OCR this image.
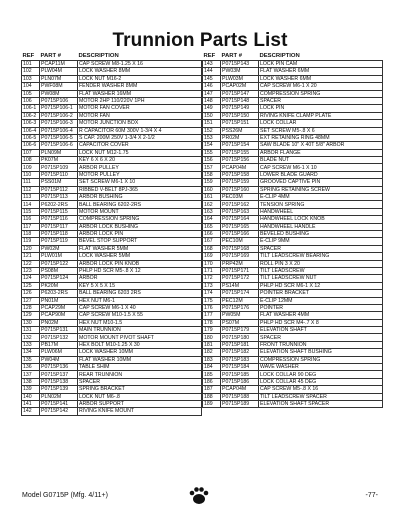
Trunnion Parts List
REF	PART #	DESCRIPTION
101	PCAP11M	CAP SCREW M8-1.25 X 16
102	PLW04M	LOCK WASHER 8MM
103	PLN07M	LOCK NUT M16-2
104	PWF08M	FENDER WASHER 8MM
105	PW08M	FLAT WASHER 16MM
106	P0715P106	MOTOR 2HP 110/220V 1PH
106-1	P0715P106-1	MOTOR FAN COVER
106-2	P0715P106-2	MOTOR FAN
106-3	P0715P106-3	MOTOR JUNCTION BOX
106-4	P0715P106-4	R CAPACITOR 60M 300V 1-3/4 X 4
106-5	P0715P106-5	S CAP. 200M 250V 1-3/4 X 2-1/2
106-6	P0715P106-6	CAPACITOR COVER
107	PLN09M	LOCK NUT M12-1.75
108	PK07M	KEY 6 X 6 X 20
109	P0715P109	ARBOR PULLEY
110	P0715P110	MOTOR PULLEY
111	PSS01M	SET SCREW M6-1 X 10
112	P0715P112	RIBBED V-BELT 8PJ-365
113	P0715P113	ARBOR BUSHING
114	P6202-2RS	BALL BEARING 6202-2RS
115	P0715P115	MOTOR MOUNT
116	P0715P116	COMPRESSION SPRING
117	P0715P117	ARBOR LOCK BUSHING
118	P0715P118	ARBOR LOCK PIN
119	P0715P119	BEVEL STOP SUPPORT
120	PW02M	FLAT WASHER 5MM
121	PLW01M	LOCK WASHER 5MM
122	P0715P122	ARBOR LOCK PIN KNOB
123	PS08M	PHLP HD SCR M5-.8 X 12
124	P0715P124	ARBOR
125	PK20M	KEY 5 X 5 X 15
126	P6203-2RS	BALL BEARING 6203 2RS
127	PN01M	HEX NUT M6-1
128	PCAP29M	CAP SCREW M6-1 X 40
129	PCAP90M	CAP SCREW M10-1.5 X 55
130	PN02M	HEX NUT M10-1.5
131	P0715P131	MAIN TRUNNION
132	P0715P132	MOTOR MOUNT PIVOT SHAFT
133	PB17M	HEX BOLT M10-1.25 X 30
134	PLW06M	LOCK WASHER 10MM
135	PW04M	FLAT WASHER 10MM
136	P0715P136	TABLE SHIM
137	P0715P137	REAR TRUNNION
138	P0715P138	SPACER
139	P0715P139	SPRING BRACKET
140	PLN02M	LOCK NUT M6-.8
141	P0715P141	ARBOR SUPPORT
142	P0715P142	RIVING KNIFE MOUNT
REF	PART #	DESCRIPTION
143	P0715P143	LOCK PIN CAM
144	PW03M	FLAT WASHER 6MM
145	PLW03M	LOCK WASHER 6MM
146	PCAP02M	CAP SCREW M6-1 X 20
147	P0715P147	COMPRESSION SPRING
148	P0715P148	SPACER
149	P0715P149	LOCK PIN
150	P0715P150	RIVING KNIFE CLAMP PLATE
151	P0715P151	LOCK COLLAR
152	PSS26M	SET SCREW M5-.8 X 6
153	PR02M	EXT RETAINING RING 48MM
154	P0715P154	SAW BLADE 10" X 40T 5/8" ARBOR
155	P0715P155	ARBOR FLANGE
156	P0715P156	BLADE NUT
157	PCAP04M	CAP SCREW M6-1 X 10
158	P0715P158	LOWER BLADE GUARD
159	P0715P159	GROOVED CAPTIVE PIN
160	P0715P160	SPRING RETAINING SCREW
161	PEC03M	E-CLIP 4MM
162	P0715P162	TENSION SPRING
163	P0715P163	HANDWHEEL
164	P0715P164	HANDWHEEL LOCK KNOB
165	P0715P165	HANDWHEEL HANDLE
166	P0715P166	BEVELED BUSHING
167	PEC10M	E-CLIP 9MM
168	P0715P168	SPACER
169	P0715P169	TILT LEADSCREW BEARING
170	PRP42M	ROLL PIN 3 X 20
171	P0715P171	TILT LEADSCREW
172	P0715P172	TILT LEADSCREW NUT
173	PS14M	PHLP HD SCR M6-1 X 12
174	P0715P174	POINTER BRACKET
175	PEC12M	E-CLIP 12MM
176	P0715P176	POINTER
177	PW05M	FLAT WASHER 4MM
178	PS07M	PHLP HD SCR M4-.7 X 8
179	P0715P179	ELEVATION SHAFT
180	P0715P180	SPACER
181	P0715P181	FRONT TRUNNION
182	P0715P182	ELEVATION SHAFT BUSHING
183	P0715P183	COMPRESSION SPRING
184	P0715P184	WAVE WASHER
185	P0715P185	LOCK COLLAR 90 DEG
186	P0715P186	LOCK COLLAR 45 DEG
187	PCAP04M	CAP SCREW M5-.8 X 16
188	P0715P188	TILT LEADSCREW SPACER
189	P0715P189	ELEVATION SHAFT SPACER
Model G0715P (Mfg. 4/11+)	-77-
